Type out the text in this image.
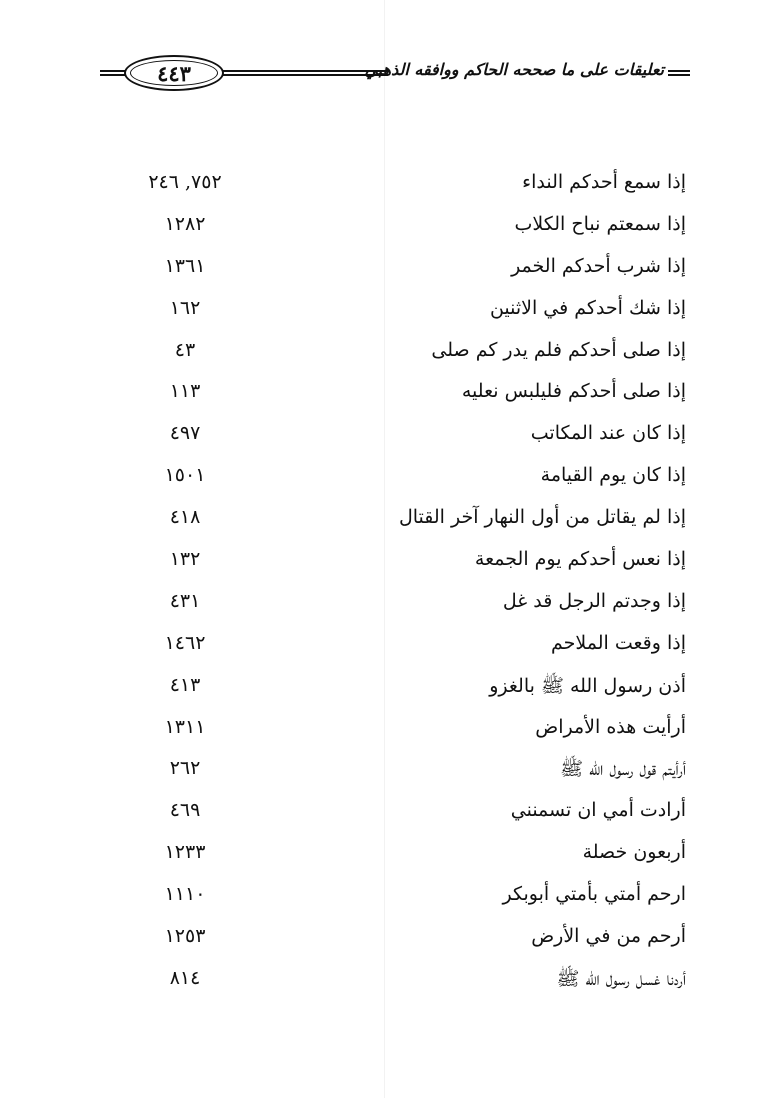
٤٤٣	تعليقات على ما صححه الحاكم ووافقه الذهبي
إذا سمع أحدكم النداء
٧٥٢, ٢٤٦
إذا سمعتم نباح الكلاب
١٢٨٢
إذا شرب أحدكم الخمر
١٣٦١
إذا شك أحدكم في الاثنين
١٦٢
إذا صلى أحدكم فلم يدر كم صلى
٤٣
إذا صلى أحدكم فليلبس نعليه
١١٣
إذا كان عند المكاتب
٤٩٧
إذا كان يوم القيامة
١٥٠١
إذا لم يقاتل من أول النهار آخر القتال
٤١٨
إذا نعس أحدكم يوم الجمعة
١٣٢
إذا وجدتم الرجل قد غل
٤٣١
إذا وقعت الملاحم
١٤٦٢
أذن رسول الله ﷺ بالغزو
٤١٣
أرأيت هذه الأمراض
١٣١١
أرأيتم قول رسول الله ﷺ
٢٦٢
أرادت أمي ان تسمنني
٤٦٩
أربعون خصلة
١٢٣٣
ارحم أمتي بأمتي أبوبكر
١١١٠
أرحم من في الأرض
١٢٥٣
أردنا غسل رسول الله ﷺ
٨١٤
